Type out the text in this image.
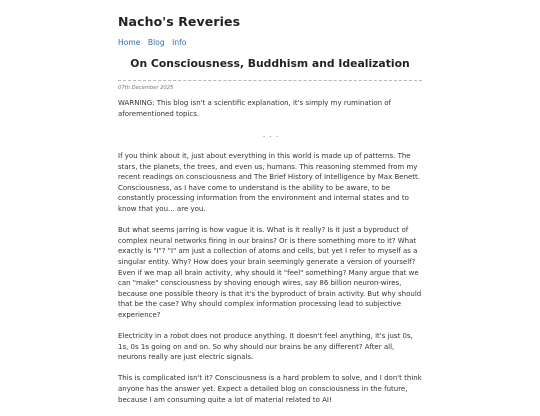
Nacho's Reveries
Home Blog Info
On Consciousness, Buddhism and Idealization
07th December 2025

WARNING: This blog isn't a scientific explanation, it's simply my rumination of aforementioned topics.

. . .

If you think about it, just about everything in this world is made up of patterns. The stars, the planets, the trees, and even us, humans. This reasoning stemmed from my recent readings on consciousness and The Brief History of Intelligence by Max Benett. Consciousness, as I have come to understand is the ability to be aware, to be constantly processing information from the environment and internal states and to know that you... are you.

But what seems jarring is how vague it is. What is it really? Is it just a byproduct of complex neural networks firing in our brains? Or is there something more to it? What exactly is "I"? "I" am just a collection of atoms and cells, but yet I refer to myself as a singular entity. Why? How does your brain seemingly generate a version of yourself? Even if we map all brain activity, why should it "feel" something? Many argue that we can "make" consciousness by shoving enough wires, say 86 billion neuron-wires, because one possible theory is that it's the byproduct of brain activity. But why should that be the case? Why should complex information processing lead to subjective experience?

Electricity in a robot does not produce anything. It doesn't feel anything, it's just 0s, 1s, 0s 1s going on and on. So why should our brains be any different? After all, neurons really are just electric signals.

This is complicated isn't it? Consciousness is a hard problem to solve, and I don't think anyone has the answer yet. Expect a detailed blog on consciousness in the future, because I am consuming quite a lot of material related to AI!
